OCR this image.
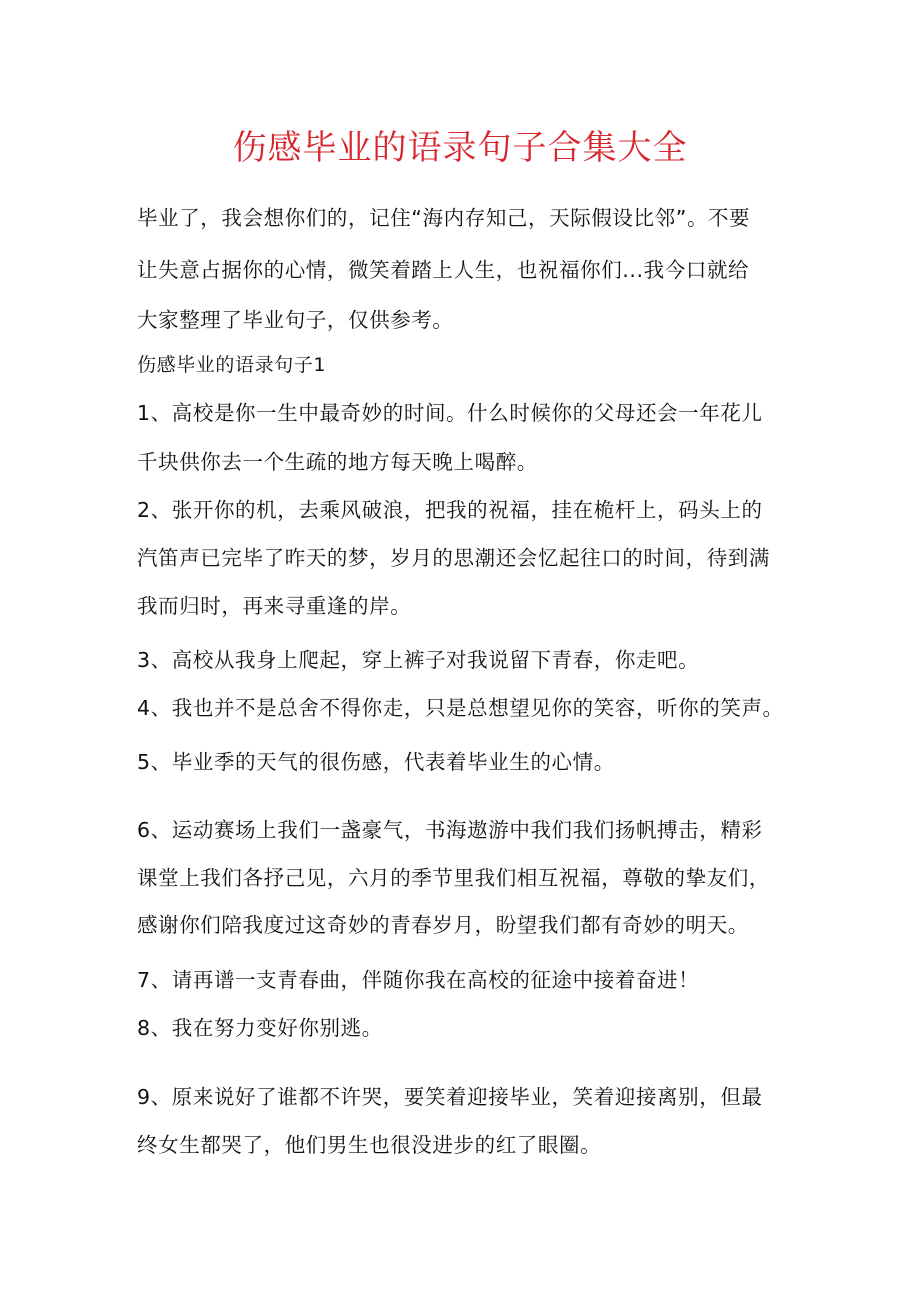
伤感毕业的语录句子合集大全
毕业了，我会想你们的，记住“海内存知己，天际假设比邻”。不要
让失意占据你的心情，微笑着踏上人生，也祝福你们...我今口就给
大家整理了毕业句子，仅供参考。
伤感毕业的语录句子1
1、高校是你一生中最奇妙的时间。什么时候你的父母还会一年花儿
千块供你去一个生疏的地方每天晚上喝醉。
2、张开你的机，去乘风破浪，把我的祝福，挂在桅杆上，码头上的
汽笛声已完毕了昨天的梦，岁月的思潮还会忆起往口的时间，待到满
我而归时，再来寻重逢的岸。
3、高校从我身上爬起，穿上裤子对我说留下青春，你走吧。
4、我也并不是总舍不得你走，只是总想望见你的笑容，听你的笑声。
5、毕业季的天气的很伤感，代表着毕业生的心情。
6、运动赛场上我们一盏豪气，书海遨游中我们我们扬帆搏击，精彩
课堂上我们各抒己见，六月的季节里我们相互祝福，尊敬的挚友们，
感谢你们陪我度过这奇妙的青春岁月，盼望我们都有奇妙的明天。
7、请再谱一支青春曲，伴随你我在高校的征途中接着奋进！
8、我在努力变好你别逃。
9、原来说好了谁都不许哭，要笑着迎接毕业，笑着迎接离别，但最
终女生都哭了，他们男生也很没进步的红了眼圈。
